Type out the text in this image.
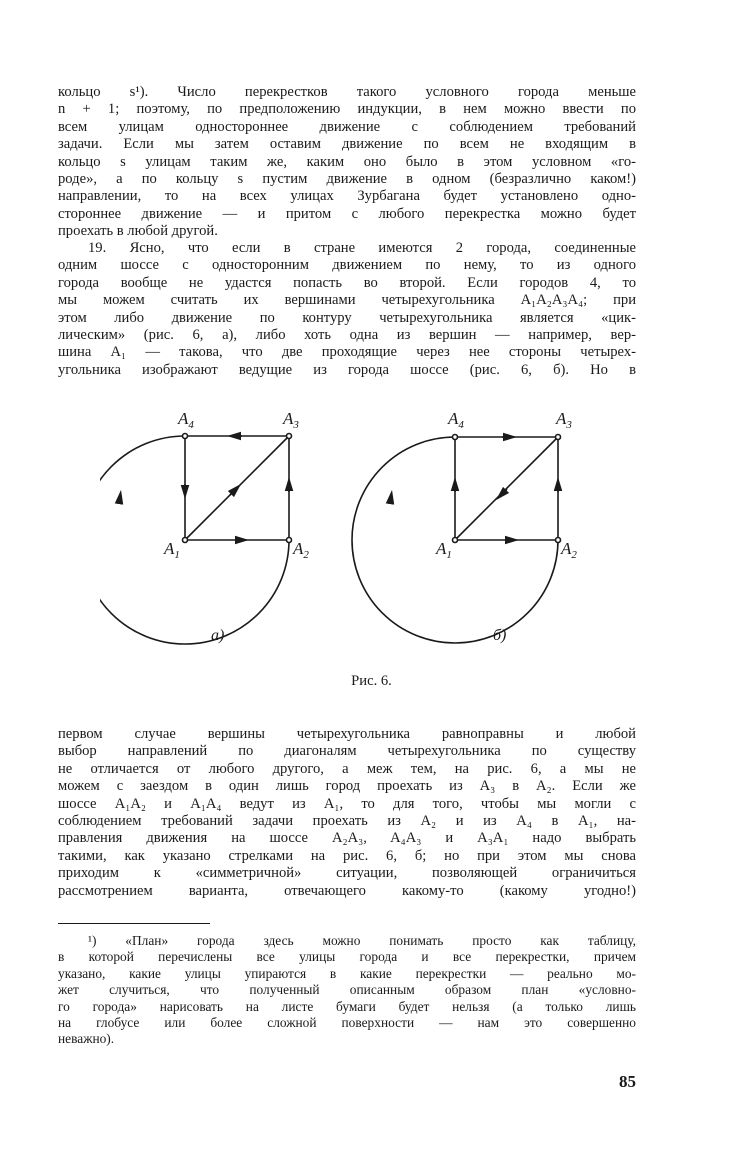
кольцо s¹). Число перекрестков такого условного города меньше
n + 1; поэтому, по предположению индукции, в нем можно ввести по
всем улицам одностороннее движение с соблюдением требований
задачи. Если мы затем оставим движение по всем не входящим в
кольцо s улицам таким же, каким оно было в этом условном «го-
роде», а по кольцу s пустим движение в одном (безразлично каком!)
направлении, то на всех улицах Зурбагана будет установлено одно-
стороннее движение — и притом с любого перекрестка можно будет
проехать в любой другой.
19. Ясно, что если в стране имеются 2 города, соединенные
одним шоссе с односторонним движением по нему, то из одного
города вообще не удастся попасть во второй. Если городов 4, то
мы можем считать их вершинами четырехугольника A₁A₂A₃A₄; при
этом либо движение по контуру четырехугольника является «цик-
лическим» (рис. 6, а), либо хоть одна из вершин — например, вер-
шина A₁ — такова, что две проходящие через нее стороны четырех-
угольника изображают ведущие из города шоссе (рис. 6, б). Но в
$A_1$	$A_2$
$A_3$
$A_4$
а)
$A_1$	$A_2$
$A_3$
$A_4$
б)
Рис. 6.
первом случае вершины четырехугольника равноправны и любой
выбор направлений по диагоналям четырехугольника по существу
не отличается от любого другого, а меж тем, на рис. 6, а мы не
можем с заездом в один лишь город проехать из A₃ в A₂. Если же
шоссе A₁A₂ и A₁A₄ ведут из A₁, то для того, чтобы мы могли с
соблюдением требований задачи проехать из A₂ и из A₄ в A₁, на-
правления движения на шоссе A₂A₃, A₄A₃ и A₃A₁ надо выбрать
такими, как указано стрелками на рис. 6, б; но при этом мы снова
приходим к «симметричной» ситуации, позволяющей ограничиться
рассмотрением варианта, отвечающего какому-то (какому угодно!)
¹) «План» города здесь можно понимать просто как таблицу,
в которой перечислены все улицы города и все перекрестки, причем
указано, какие улицы упираются в какие перекрестки — реально мо-
жет случиться, что полученный описанным образом план «условно-
го города» нарисовать на листе бумаги будет нельзя (а только лишь
на глобусе или более сложной поверхности — нам это совершенно
неважно).
85
